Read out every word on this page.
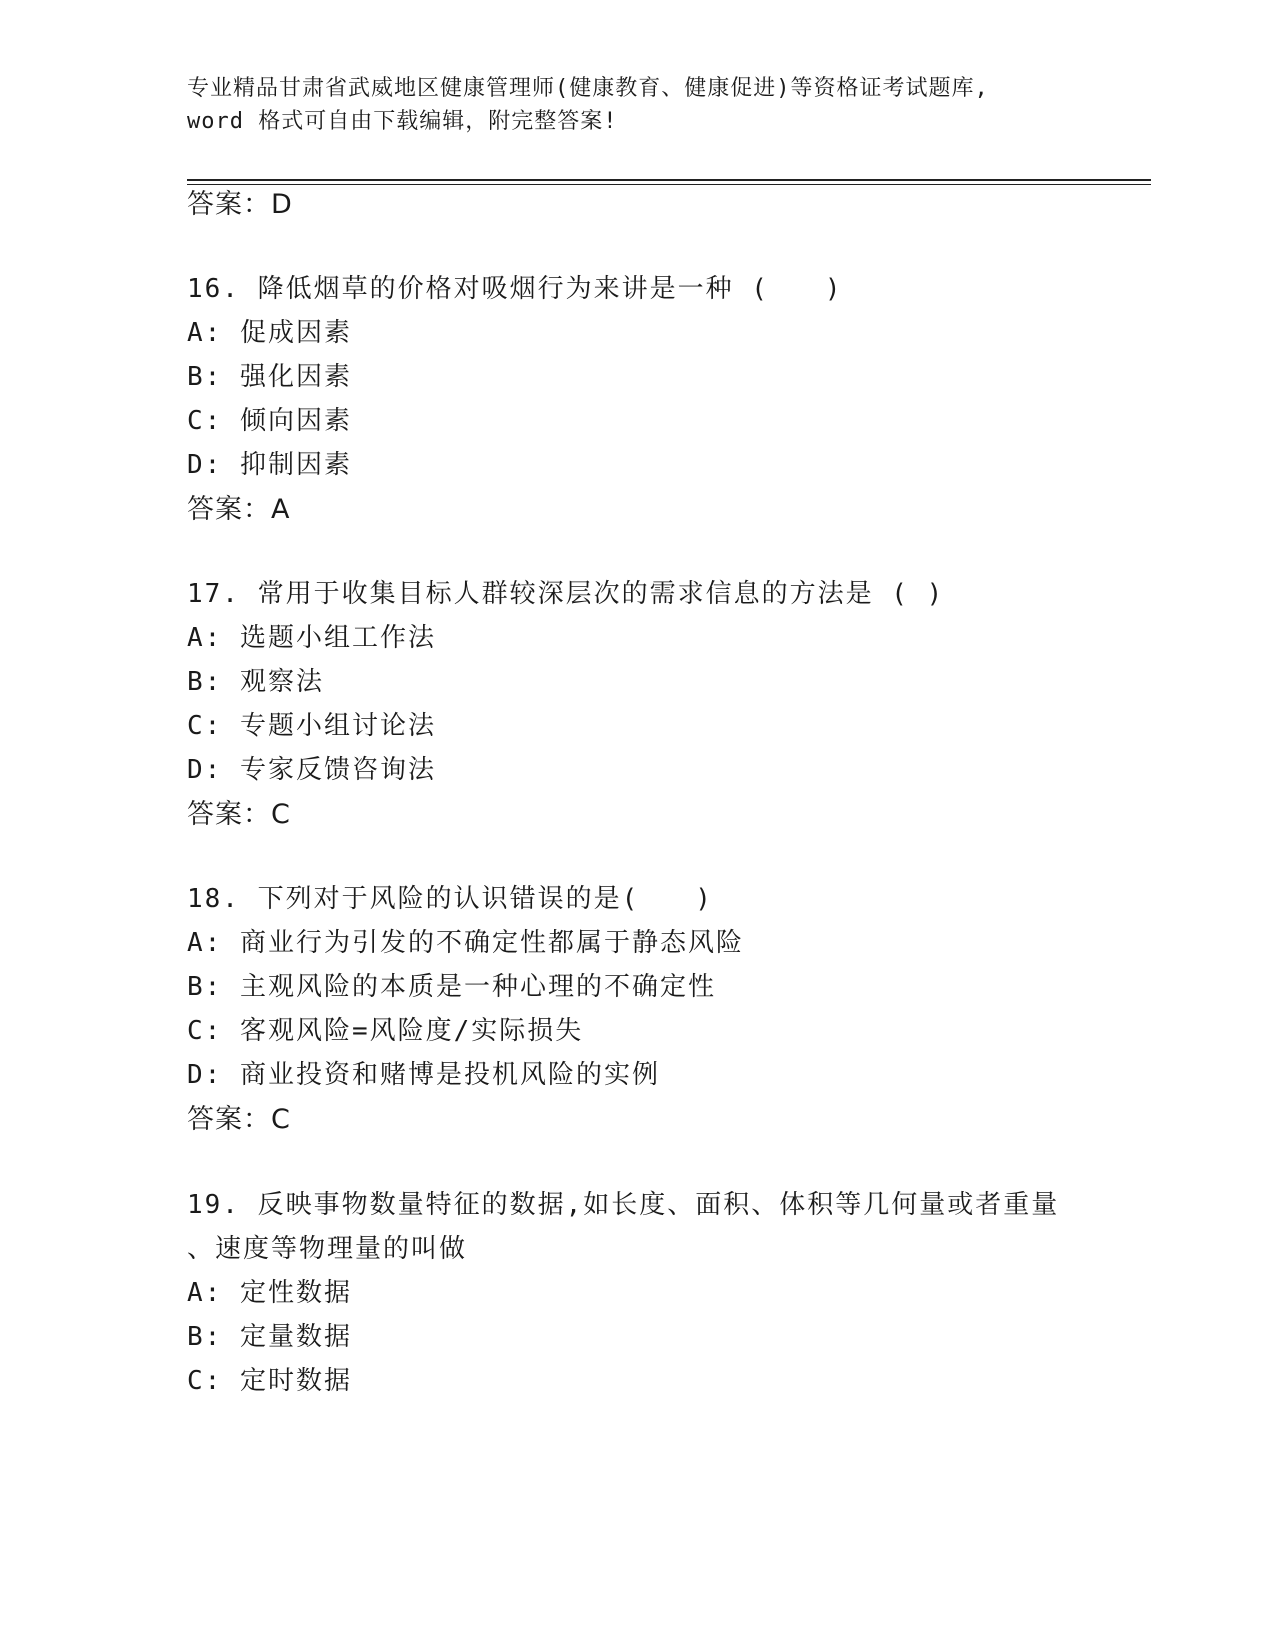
专业精品甘肃省武威地区健康管理师(健康教育、健康促进)等资格证考试题库,
word 格式可自由下载编辑，附完整答案!
答案：D
16. 降低烟草的价格对吸烟行为来讲是一种 (　　)
A: 促成因素
B: 强化因素
C: 倾向因素
D: 抑制因素
答案：A
17. 常用于收集目标人群较深层次的需求信息的方法是 ( )
A: 选题小组工作法
B: 观察法
C: 专题小组讨论法
D: 专家反馈咨询法
答案：C
18. 下列对于风险的认识错误的是(　　)
A: 商业行为引发的不确定性都属于静态风险
B: 主观风险的本质是一种心理的不确定性
C: 客观风险=风险度/实际损失
D: 商业投资和赌博是投机风险的实例
答案：C
19. 反映事物数量特征的数据,如长度、面积、体积等几何量或者重量
、速度等物理量的叫做
A: 定性数据
B: 定量数据
C: 定时数据
